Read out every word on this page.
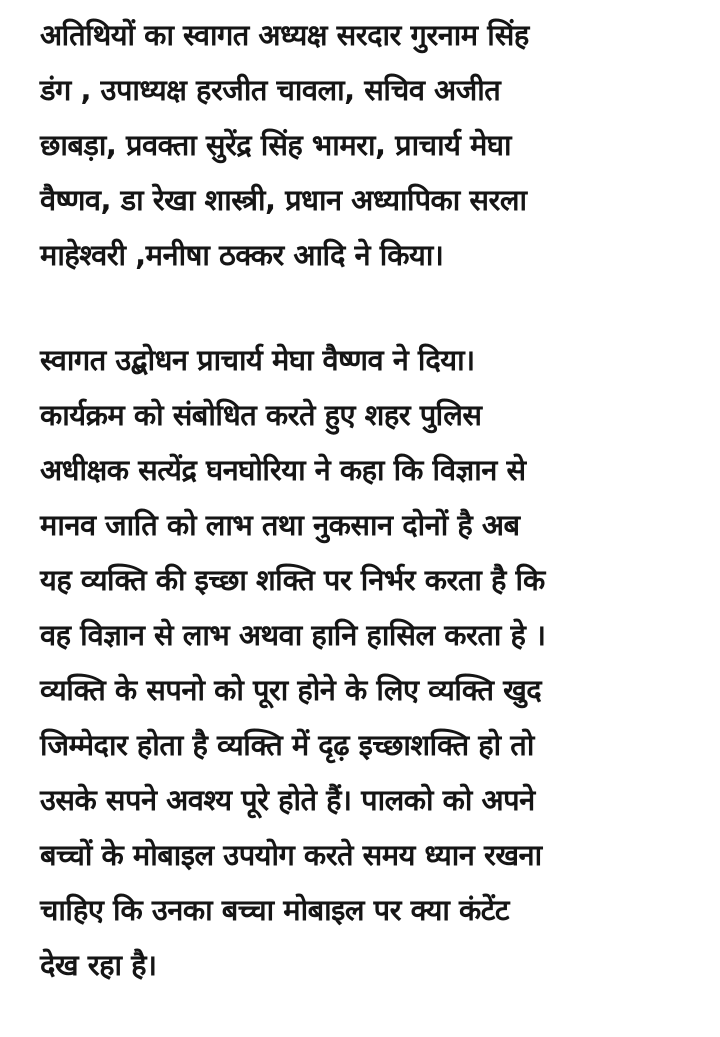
अतिथियों का स्वागत अध्यक्ष सरदार गुरनाम सिंह
डंग , उपाध्यक्ष हरजीत चावला, सचिव अजीत
छाबड़ा, प्रवक्ता सुरेंद्र सिंह भामरा, प्राचार्य मेघा
वैष्णव, डा रेखा शास्त्री, प्रधान अध्यापिका सरला
माहेश्वरी ,मनीषा ठक्कर आदि ने किया।
स्वागत उद्बोधन प्राचार्य मेघा वैष्णव ने दिया।
कार्यक्रम को संबोधित करते हुए शहर पुलिस
अधीक्षक सत्येंद्र घनघोरिया ने कहा कि विज्ञान से
मानव जाति को लाभ तथा नुकसान दोनों है अब
यह व्यक्ति की इच्छा शक्ति पर निर्भर करता है कि
वह विज्ञान से लाभ अथवा हानि हासिल करता हे ।
व्यक्ति के सपनो को पूरा होने के लिए व्यक्ति खुद
जिम्मेदार होता है व्यक्ति में दृढ़ इच्छाशक्ति हो तो
उसके सपने अवश्य पूरे होते हैं। पालको को अपने
बच्चों के मोबाइल उपयोग करते समय ध्यान रखना
चाहिए कि उनका बच्चा मोबाइल पर क्या कंटेंट
देख रहा है।
